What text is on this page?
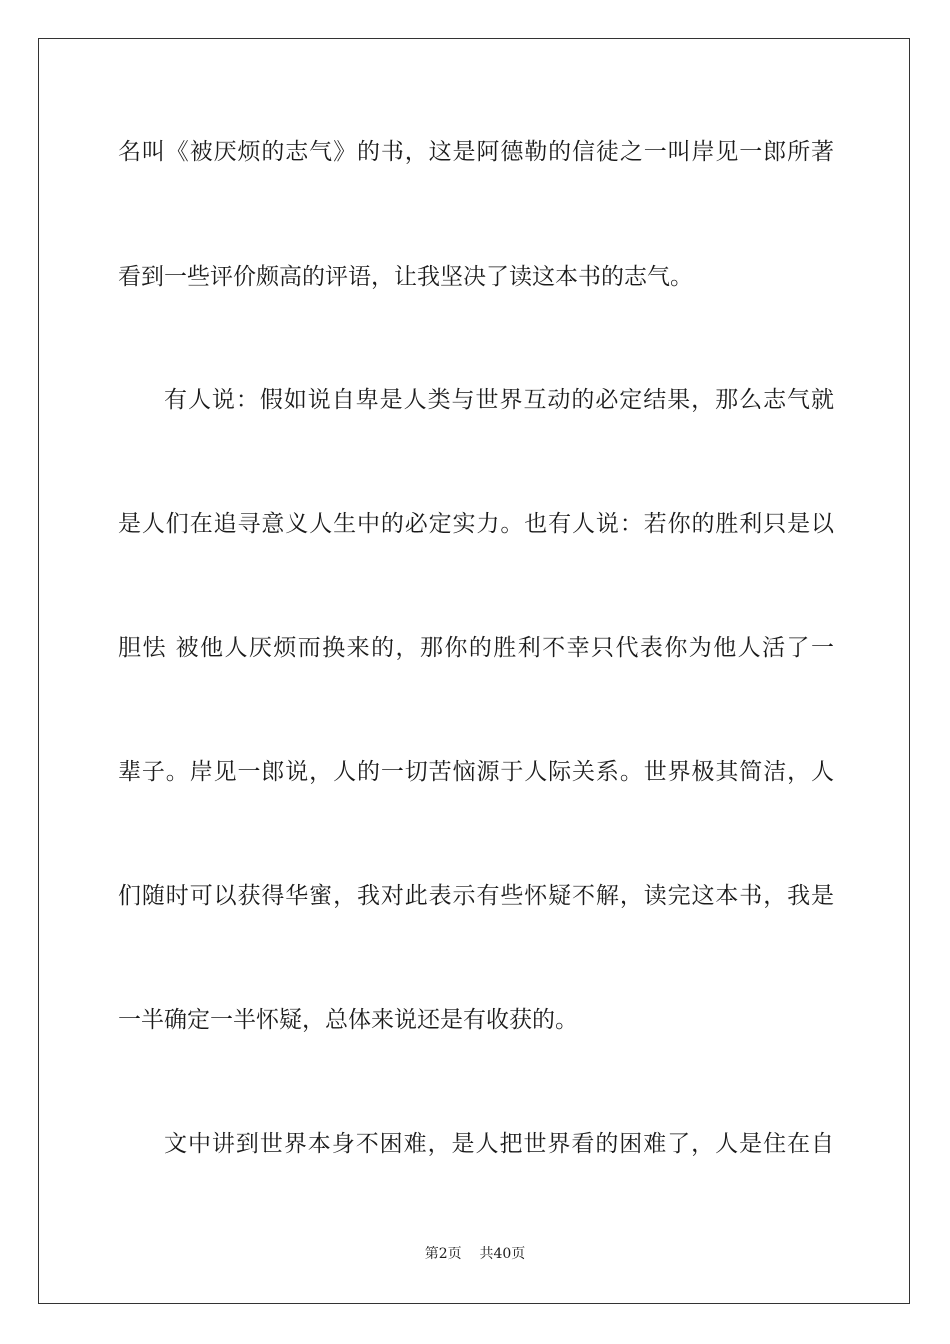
名叫《被厌烦的志气》的书，这是阿德勒的信徒之一叫岸见一郎所著
看到一些评价颇高的评语，让我坚决了读这本书的志气。
有人说：假如说自卑是人类与世界互动的必定结果，那么志气就
是人们在追寻意义人生中的必定实力。也有人说：若你的胜利只是以
胆怯 被他人厌烦而换来的，那你的胜利不幸只代表你为他人活了一
辈子。岸见一郎说，人的一切苦恼源于人际关系。世界极其简洁，人
们随时可以获得华蜜，我对此表示有些怀疑不解，读完这本书，我是
一半确定一半怀疑，总体来说还是有收获的。
文中讲到世界本身不困难，是人把世界看的困难了，人是住在自
第2页    共40页
